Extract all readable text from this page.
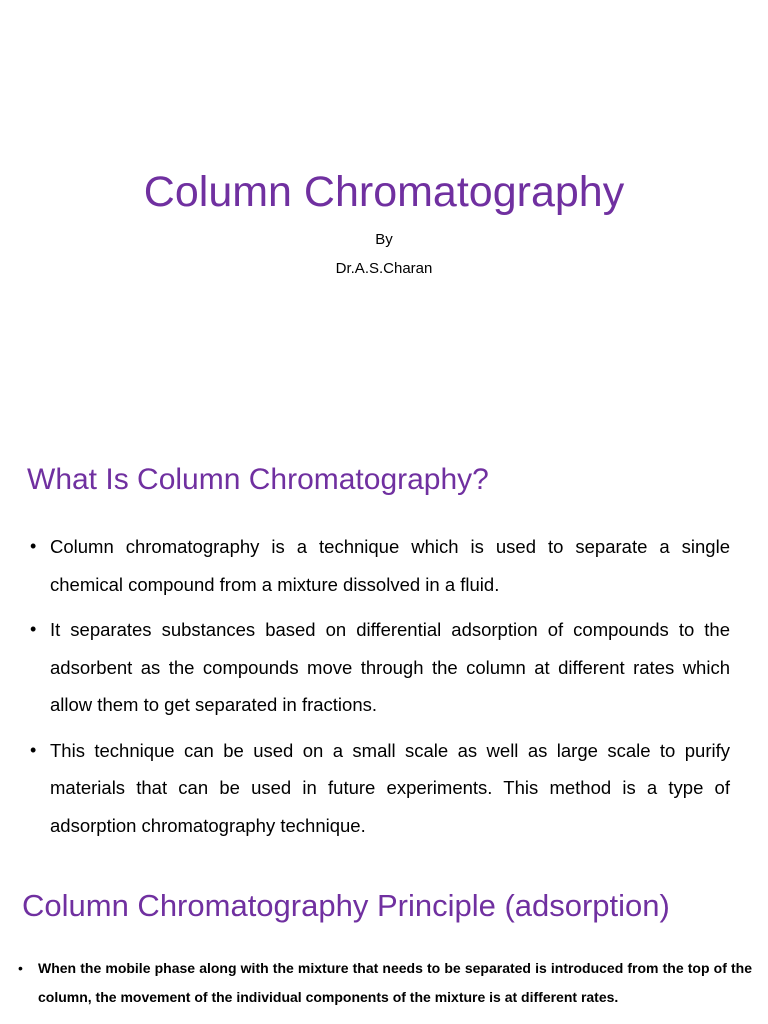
Column Chromatography
By
Dr.A.S.Charan
What Is Column Chromatography?
• Column chromatography is a technique which is used to separate a single chemical compound from a mixture dissolved in a fluid.
• It separates substances based on differential adsorption of compounds to the adsorbent as the compounds move through the column at different rates which allow them to get separated in fractions.
• This technique can be used on a small scale as well as large scale to purify materials that can be used in future experiments. This method is a type of adsorption chromatography technique.
Column Chromatography Principle (adsorption)
• When the mobile phase along with the mixture that needs to be separated is introduced from the top of the column, the movement of the individual components of the mixture is at different rates.
